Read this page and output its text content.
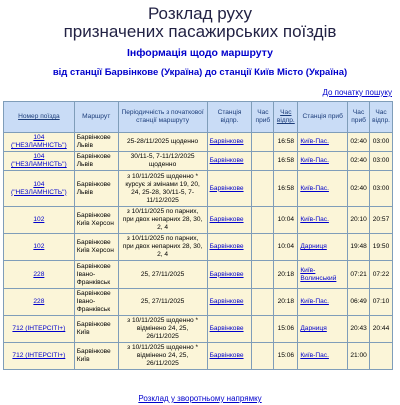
Розклад руху
призначених пасажирських поїздів
Інформація щодо маршруту
від станції Барвінкове (Україна) до станції Київ Місто (Україна)
До початку пошуку
Номер поїзда	Маршрут	Періодичність з початкової станції маршруту	Станція відпр.	Час приб	Час відпр.	Станція приб	Час приб	Час відпр.
104 ("НЕЗЛАМНІСТЬ")	Барвінкове Львів	25-28/11/2025 щоденно	Барвінкове		16:58	Київ-Пас.	02:40	03:00
104 ("НЕЗЛАМНІСТЬ")	Барвінкове Львів	30/11-5, 7-11/12/2025 щоденно	Барвінкове		16:58	Київ-Пас.	02:40	03:00
104 ("НЕЗЛАМНІСТЬ")	Барвінкове Львів	з 10/11/2025 щоденно * курсує зі змінами 19, 20, 24, 25-28, 30/11-5, 7-11/12/2025	Барвінкове		16:58	Київ-Пас.	02:40	03:00
102	Барвінкове Київ Херсон	з 10/11/2025 по парних, при двох непарних 28, 30, 2, 4	Барвінкове		10:04	Київ-Пас.	20:10	20:57
102	Барвінкове Київ Херсон	з 10/11/2025 по парних, при двох непарних 28, 30, 2, 4	Барвінкове		10:04	Дарниця	19:48	19:50
228	Барвінкове Івано-Франківськ	25, 27/11/2025	Барвінкове		20:18	Київ-Волинський	07:21	07:22
228	Барвінкове Івано-Франківськ	25, 27/11/2025	Барвінкове		20:18	Київ-Пас.	06:49	07:10
712 (ІНТЕРСІТІ+)	Барвінкове Київ	з 10/11/2025 щоденно * відмінено 24, 25, 26/11/2025	Барвінкове		15:06	Дарниця	20:43	20:44
712 (ІНТЕРСІТІ+)	Барвінкове Київ	з 10/11/2025 щоденно * відмінено 24, 25, 26/11/2025	Барвінкове		15:06	Київ-Пас.	21:00	
Розклад у зворотньому напрямку
